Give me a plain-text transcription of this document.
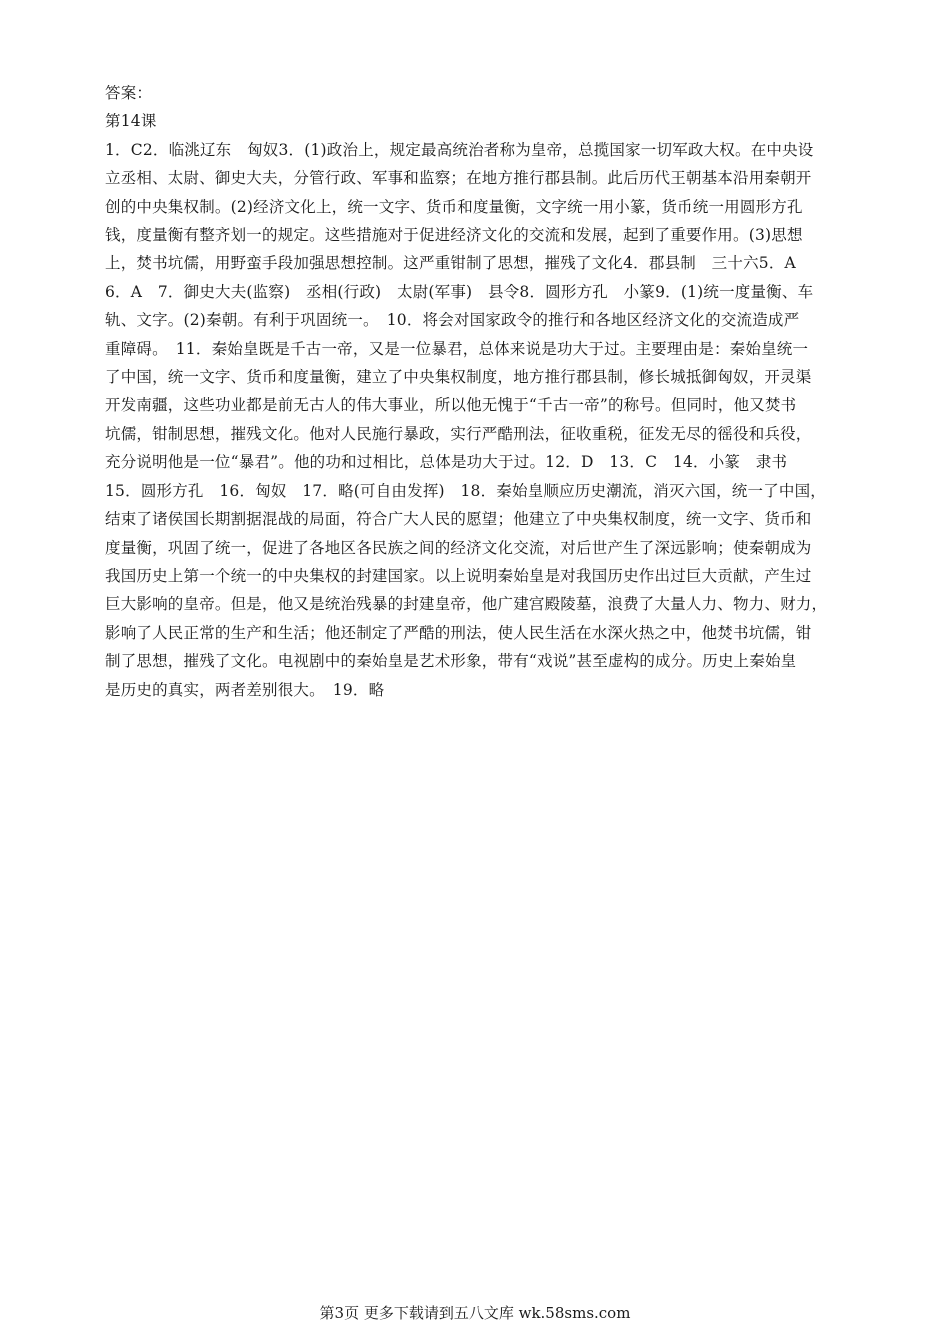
答案：
第14课
1．C2．临洮辽东　匈奴3．(1)政治上，规定最高统治者称为皇帝，总揽国家一切军政大权。在中央设
立丞相、太尉、御史大夫，分管行政、军事和监察；在地方推行郡县制。此后历代王朝基本沿用秦朝开
创的中央集权制。(2)经济文化上，统一文字、货币和度量衡，文字统一用小篆，货币统一用圆形方孔
钱，度量衡有整齐划一的规定。这些措施对于促进经济文化的交流和发展，起到了重要作用。(3)思想
上，焚书坑儒，用野蛮手段加强思想控制。这严重钳制了思想，摧残了文化4．郡县制　三十六5．A
6．A　7．御史大夫(监察)　丞相(行政)　太尉(军事)　县令8．圆形方孔　小篆9．(1)统一度量衡、车
轨、文字。(2)秦朝。有利于巩固统一。　10．将会对国家政令的推行和各地区经济文化的交流造成严
重障碍。　11．秦始皇既是千古一帝，又是一位暴君，总体来说是功大于过。主要理由是：秦始皇统一
了中国，统一文字、货币和度量衡，建立了中央集权制度，地方推行郡县制，修长城抵御匈奴，开灵渠
开发南疆，这些功业都是前无古人的伟大事业，所以他无愧于“千古一帝”的称号。但同时，他又焚书
坑儒，钳制思想，摧残文化。他对人民施行暴政，实行严酷刑法，征收重税，征发无尽的徭役和兵役，
充分说明他是一位“暴君”。他的功和过相比，总体是功大于过。12．D　13．C　14．小篆　隶书
15．圆形方孔　16．匈奴　17．略(可自由发挥)　18．秦始皇顺应历史潮流，消灭六国，统一了中国，
结束了诸侯国长期割据混战的局面，符合广大人民的愿望；他建立了中央集权制度，统一文字、货币和
度量衡，巩固了统一，促进了各地区各民族之间的经济文化交流，对后世产生了深远影响；使秦朝成为
我国历史上第一个统一的中央集权的封建国家。以上说明秦始皇是对我国历史作出过巨大贡献，产生过
巨大影响的皇帝。但是，他又是统治残暴的封建皇帝，他广建宫殿陵墓，浪费了大量人力、物力、财力，
影响了人民正常的生产和生活；他还制定了严酷的刑法，使人民生活在水深火热之中，他焚书坑儒，钳
制了思想，摧残了文化。电视剧中的秦始皇是艺术形象，带有“戏说”甚至虚构的成分。历史上秦始皇
是历史的真实，两者差别很大。　19．略
第3页 更多下载请到五八文库 wk.58sms.com
